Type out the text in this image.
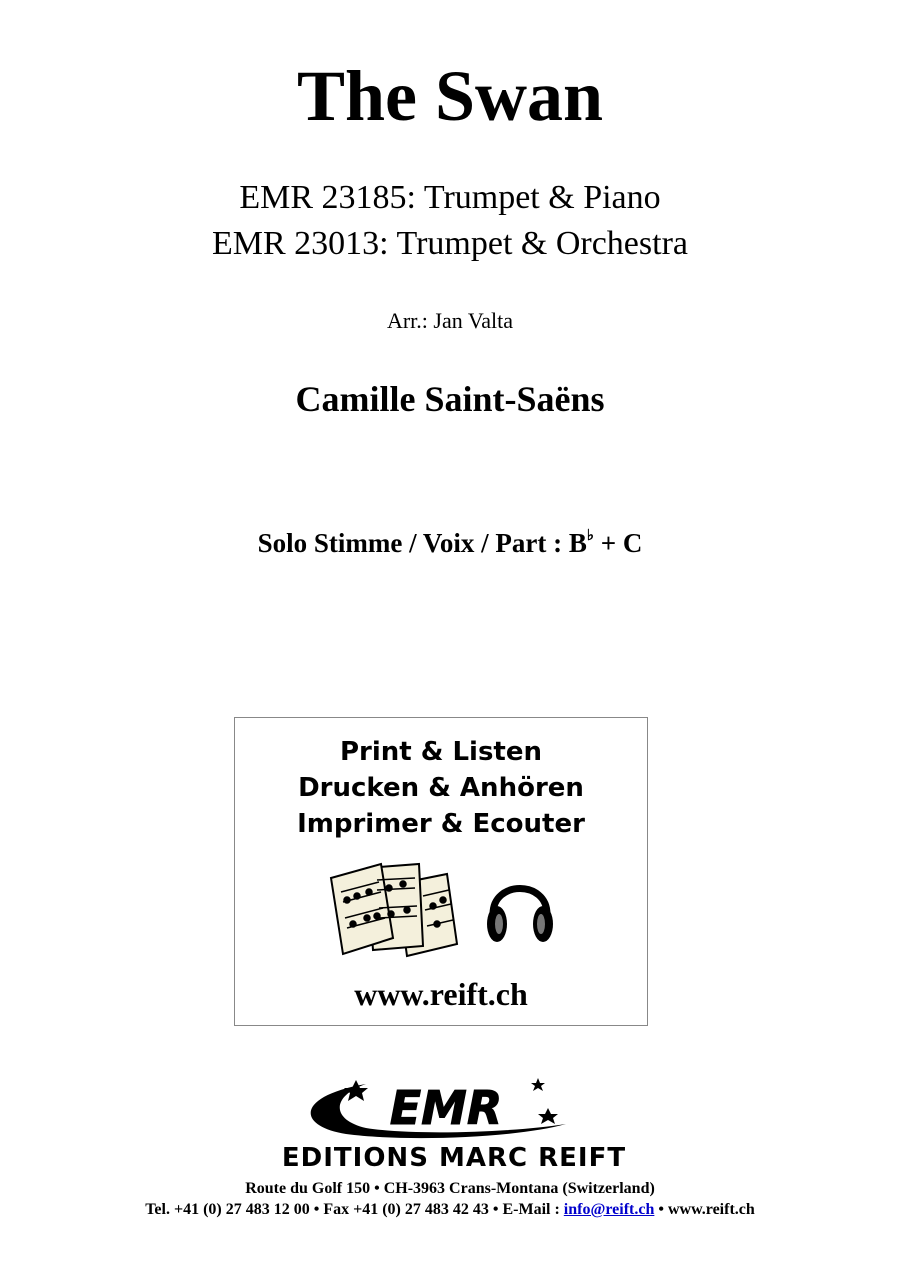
The Swan
EMR 23185: Trumpet & Piano
EMR 23013: Trumpet & Orchestra
Arr.: Jan Valta
Camille Saint-Saëns
Solo Stimme / Voix / Part : B♭ + C
Print & Listen
Drucken & Anhören
Imprimer & Ecouter
www.reift.ch
EMR
EDITIONS MARC REIFT
Route du Golf 150 • CH-3963 Crans-Montana (Switzerland)
Tel. +41 (0) 27 483 12 00 • Fax +41 (0) 27 483 42 43 • E-Mail : info@reift.ch • www.reift.ch
